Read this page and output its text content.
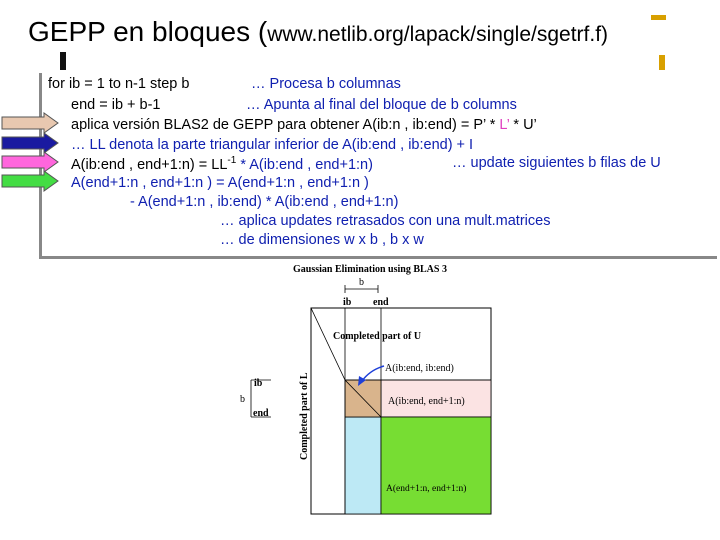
GEPP en bloques (www.netlib.org/lapack/single/sgetrf.f)
for ib = 1 to n-1 step b	… Procesa b columnas
end = ib + b-1	… Apunta al final del bloque de b columns
aplica versión BLAS2 de GEPP para obtener A(ib:n , ib:end) = P’ * L’ * U’
… LL denota la parte triangular inferior de A(ib:end , ib:end) + I
A(ib:end , end+1:n) = $LL^{-1}$ * A(ib:end , end+1:n)	… update siguientes b filas de U
A(end+1:n , end+1:n ) = A(end+1:n , end+1:n )
- A(end+1:n , ib:end) * A(ib:end , end+1:n)
… aplica updates retrasados con una mult.matrices
… de dimensiones w x b , b x w
Gaussian Elimination using BLAS 3
b
ib end
Completed part of U
Completed part of L
A(ib:end, ib:end)
A(ib:end, end+1:n)
A(end+1:n, end+1:n)
ib
b
end
